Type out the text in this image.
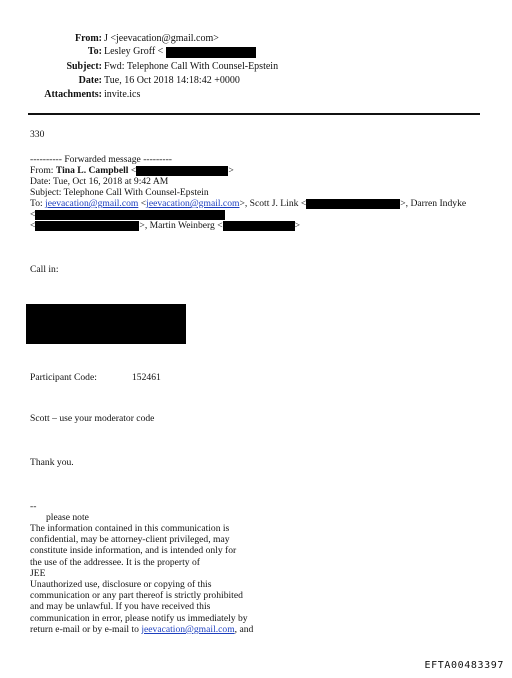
From: J <jeevacation@gmail.com>
To: Lesley Groff <
Subject: Fwd: Telephone Call With Counsel-Epstein
Date: Tue, 16 Oct 2018 14:18:42 +0000
Attachments: invite.ics
330
---------- Forwarded message ---------
From: Tina L. Campbell <	>
Date: Tue, Oct 16, 2018 at 9:42 AM
Subject: Telephone Call With Counsel-Epstein
To: jeevacation@gmail.com <jeevacation@gmail.com>, Scott J. Link <	>, Darren Indyke
<
<	>, Martin Weinberg <	>
Call in:
Participant Code:	152461
Scott – use your moderator code
Thank you.
--
please note
The information contained in this communication is
confidential, may be attorney-client privileged, may
constitute inside information, and is intended only for
the use of the addressee. It is the property of
JEE
Unauthorized use, disclosure or copying of this
communication or any part thereof is strictly prohibited
and may be unlawful. If you have received this
communication in error, please notify us immediately by
return e-mail or by e-mail to jeevacation@gmail.com, and
EFTA00483397
